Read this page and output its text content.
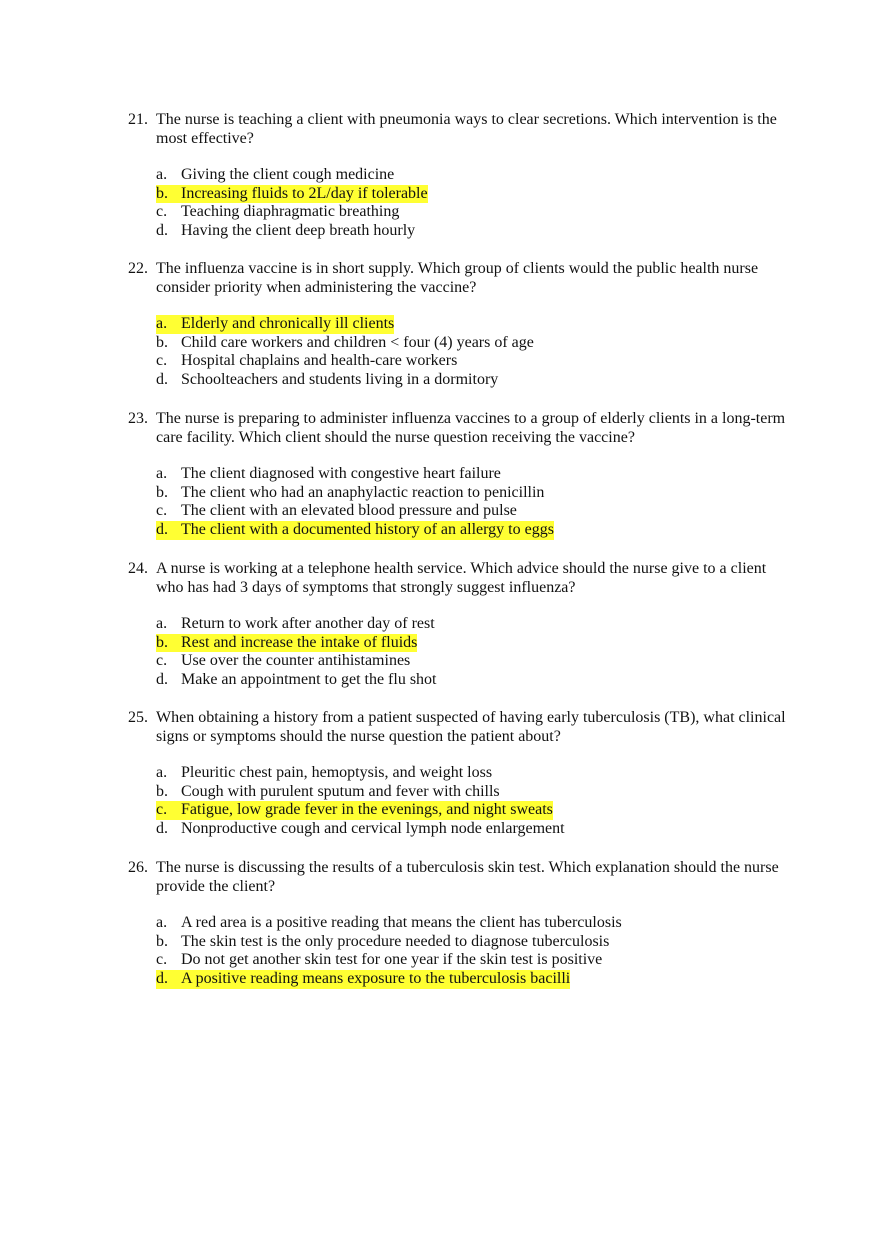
21. The nurse is teaching a client with pneumonia ways to clear secretions. Which intervention is the most effective?
a. Giving the client cough medicine
b. Increasing fluids to 2L/day if tolerable
c. Teaching diaphragmatic breathing
d. Having the client deep breath hourly
22. The influenza vaccine is in short supply. Which group of clients would the public health nurse consider priority when administering the vaccine?
a. Elderly and chronically ill clients
b. Child care workers and children < four (4) years of age
c. Hospital chaplains and health-care workers
d. Schoolteachers and students living in a dormitory
23. The nurse is preparing to administer influenza vaccines to a group of elderly clients in a long-term care facility. Which client should the nurse question receiving the vaccine?
a. The client diagnosed with congestive heart failure
b. The client who had an anaphylactic reaction to penicillin
c. The client with an elevated blood pressure and pulse
d. The client with a documented history of an allergy to eggs
24. A nurse is working at a telephone health service. Which advice should the nurse give to a client who has had 3 days of symptoms that strongly suggest influenza?
a. Return to work after another day of rest
b. Rest and increase the intake of fluids
c. Use over the counter antihistamines
d. Make an appointment to get the flu shot
25. When obtaining a history from a patient suspected of having early tuberculosis (TB), what clinical signs or symptoms should the nurse question the patient about?
a. Pleuritic chest pain, hemoptysis, and weight loss
b. Cough with purulent sputum and fever with chills
c. Fatigue, low grade fever in the evenings, and night sweats
d. Nonproductive cough and cervical lymph node enlargement
26. The nurse is discussing the results of a tuberculosis skin test. Which explanation should the nurse provide the client?
a. A red area is a positive reading that means the client has tuberculosis
b. The skin test is the only procedure needed to diagnose tuberculosis
c. Do not get another skin test for one year if the skin test is positive
d. A positive reading means exposure to the tuberculosis bacilli
